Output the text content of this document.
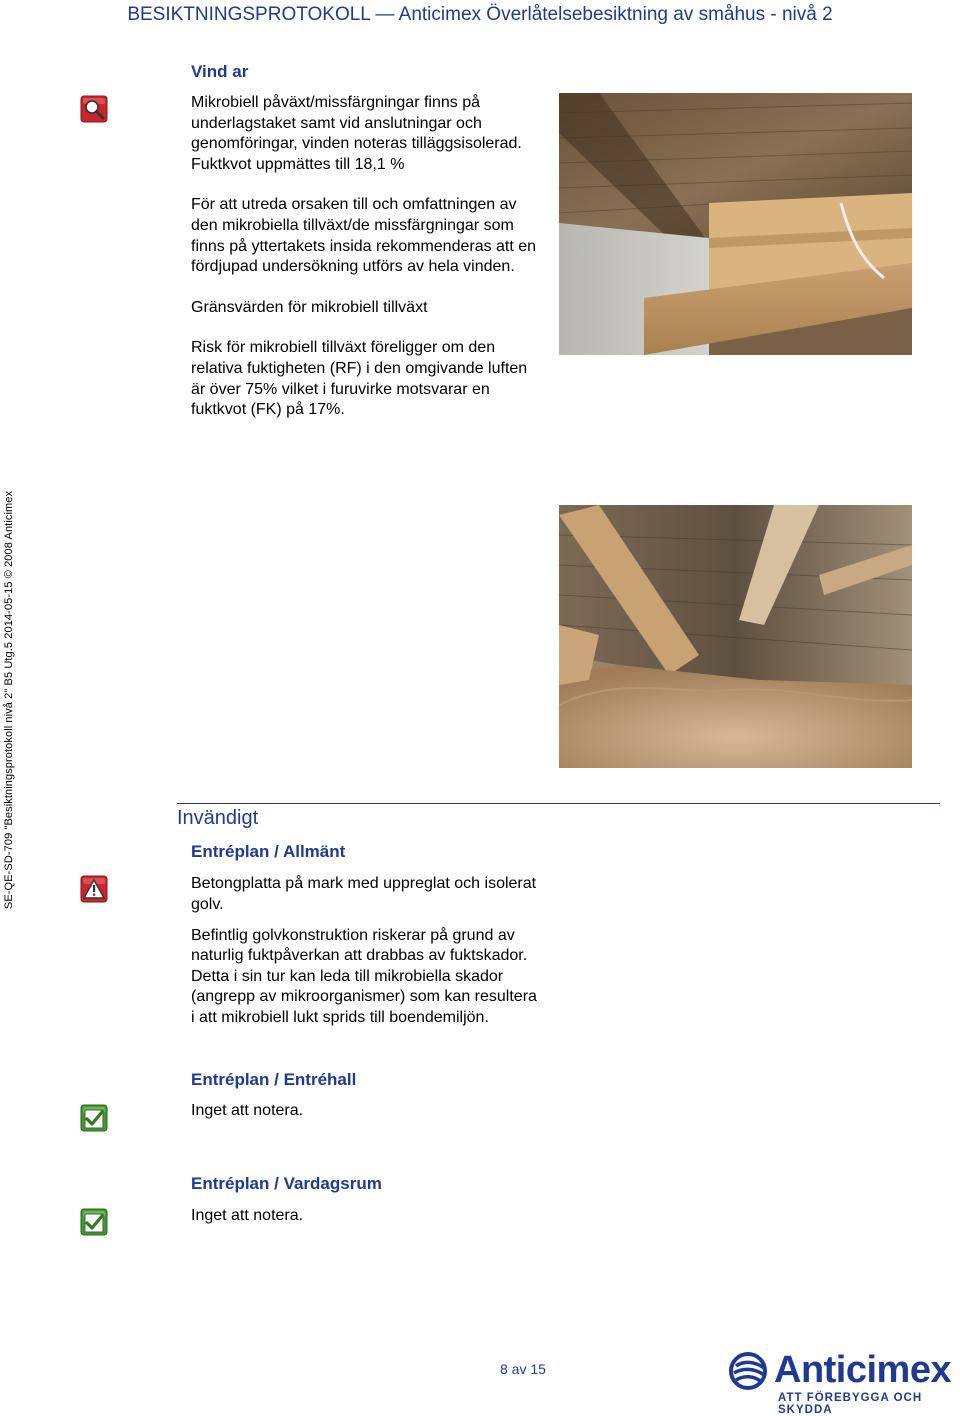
BESIKTNINGSPROTOKOLL — Anticimex Överlåtelsebesiktning av småhus - nivå 2
SE-QE-SD-709 "Besiktningsprotokoll nivå 2" B5 Utg.5 2014-05-15 © 2008 Anticimex
Vind ar

Mikrobiell påväxt/missfärgningar finns på underlagstaket samt vid anslutningar och genomföringar, vinden noteras tilläggsisolerad. Fuktkvot uppmättes till 18,1 %

För att utreda orsaken till och omfattningen av den mikrobiella tillväxt/de missfärgningar som finns på yttertakets insida rekommenderas att en fördjupad undersökning utförs av hela vinden.

Gränsvärden för mikrobiell tillväxt

Risk för mikrobiell tillväxt föreligger om den relativa fuktigheten (RF) i den omgivande luften är över 75% vilket i furuvirke motsvarar en fuktkvot (FK) på 17%.

Invändigt
Entréplan / Allmänt

Betongplatta på mark med uppreglat och isolerat golv.

Befintlig golvkonstruktion riskerar på grund av naturlig fuktpåverkan att drabbas av fuktskador. Detta i sin tur kan leda till mikrobiella skador (angrepp av mikroorganismer) som kan resultera i att mikrobiell lukt sprids till boendemiljön.

Entréplan / Entréhall
Inget att notera.
Entréplan / Vardagsrum
Inget att notera.
8 av 15	Anticimex
ATT FÖREBYGGA OCH SKYDDA
